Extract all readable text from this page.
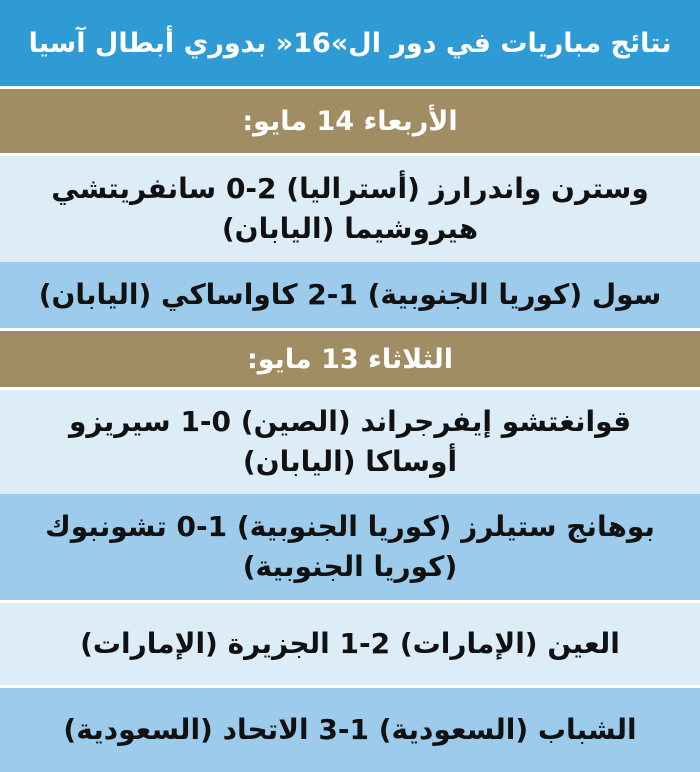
نتائج مباريات في دور ال»16« بدوري أبطال آسيا
الأربعاء 14 مايو:
وسترن واندرارز (أستراليا) 2-0 سانفريتشي
هيروشيما (اليابان)
سول (كوريا الجنوبية) 1-2 كاواساكي (اليابان)
الثلاثاء 13 مايو:
قوانغتشو إيفرجراند (الصين) 0-1 سيريزو
أوساكا (اليابان)
بوهانج ستيلرز (كوريا الجنوبية) 1-0 تشونبوك
(كوريا الجنوبية)
العين (الإمارات) 2-1 الجزيرة (الإمارات)
الشباب (السعودية) 1-3 الاتحاد (السعودية)
